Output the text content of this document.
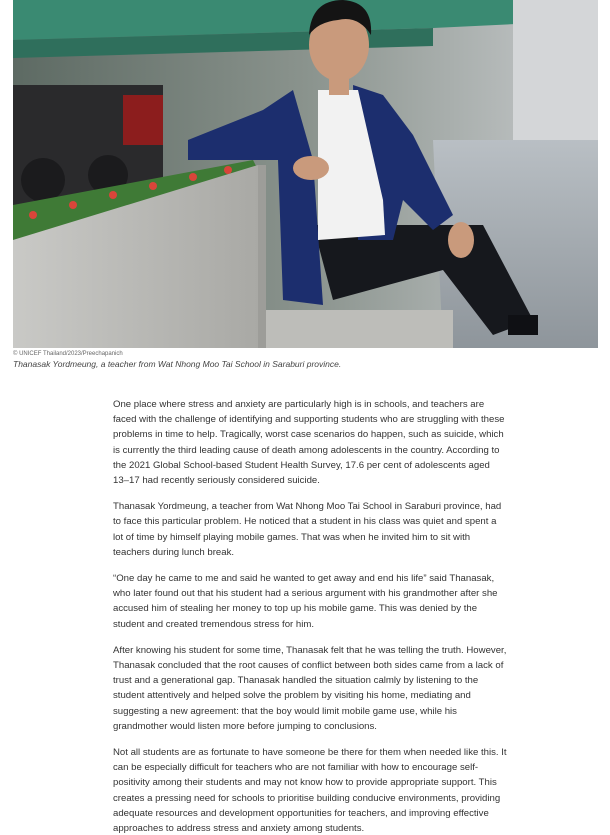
© UNICEF Thailand/2023/Preechapanich
Thanasak Yordmeung, a teacher from Wat Nhong Moo Tai School in Saraburi province.

One place where stress and anxiety are particularly high is in schools, and teachers are faced with the challenge of identifying and supporting students who are struggling with these problems in time to help. Tragically, worst case scenarios do happen, such as suicide, which is currently the third leading cause of death among adolescents in the country. According to the 2021 Global School-based Student Health Survey, 17.6 per cent of adolescents aged 13–17 had recently seriously considered suicide.

Thanasak Yordmeung, a teacher from Wat Nhong Moo Tai School in Saraburi province, had to face this particular problem. He noticed that a student in his class was quiet and spent a lot of time by himself playing mobile games. That was when he invited him to sit with teachers during lunch break.

“One day he came to me and said he wanted to get away and end his life” said Thanasak, who later found out that his student had a serious argument with his grandmother after she accused him of stealing her money to top up his mobile game. This was denied by the student and created tremendous stress for him.

After knowing his student for some time, Thanasak felt that he was telling the truth. However, Thanasak concluded that the root causes of conflict between both sides came from a lack of trust and a generational gap. Thanasak handled the situation calmly by listening to the student attentively and helped solve the problem by visiting his home, mediating and suggesting a new agreement: that the boy would limit mobile game use, while his grandmother would listen more before jumping to conclusions.

Not all students are as fortunate to have someone be there for them when needed like this. It can be especially difficult for teachers who are not familiar with how to encourage self-positivity among their students and may not know how to provide appropriate support. This creates a pressing need for schools to prioritise building conducive environments, providing adequate resources and development opportunities for teachers, and improving effective approaches to address stress and anxiety among students.
